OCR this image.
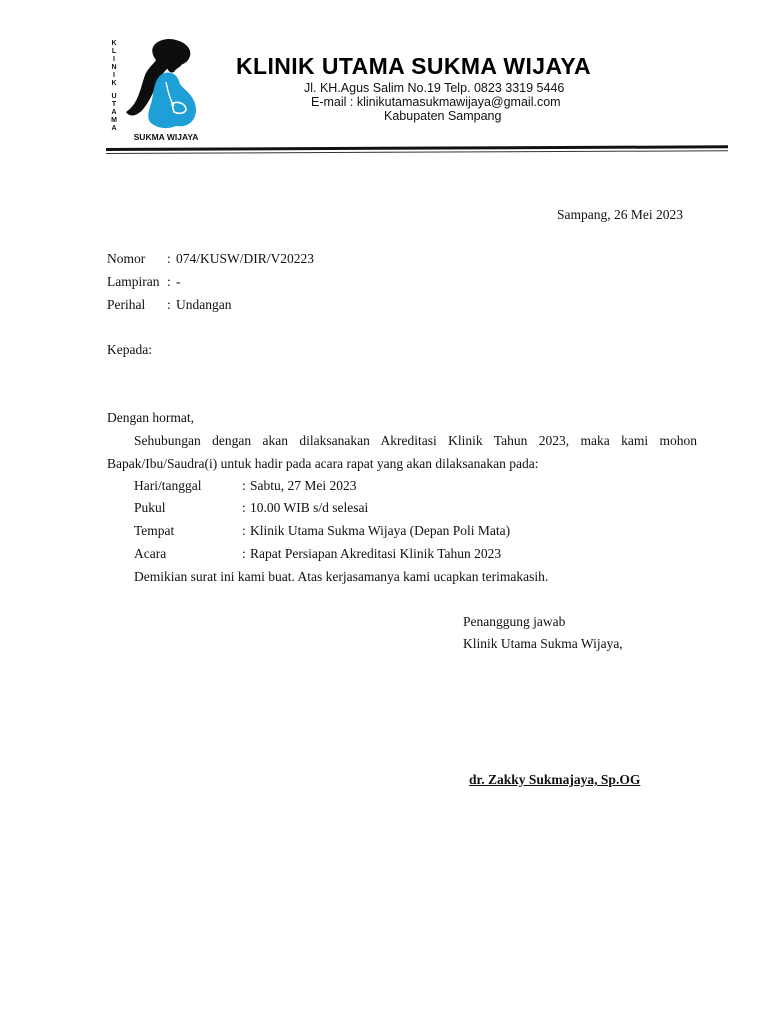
K
L
I
N
I
K
U
T
A
M
A
SUKMA WIJAYA
KLINIK UTAMA SUKMA WIJAYA
Jl. KH.Agus Salim No.19 Telp. 0823 3319 5446
E-mail : klinikutamasukmawijaya@gmail.com
Kabupaten Sampang
Sampang, 26 Mei 2023
Nomor : 074/KUSW/DIR/V20223
Lampiran : -
Perihal : Undangan
Kepada:
Dengan hormat,
Sehubungan dengan akan dilaksanakan Akreditasi Klinik Tahun 2023, maka kami mohon
Bapak/Ibu/Saudra(i) untuk hadir pada acara rapat yang akan dilaksanakan pada:
Hari/tanggal	: Sabtu, 27 Mei 2023
Pukul	: 10.00 WIB s/d selesai
Tempat	: Klinik Utama Sukma Wijaya (Depan Poli Mata)
Acara	: Rapat Persiapan Akreditasi Klinik Tahun 2023
Demikian surat ini kami buat. Atas kerjasamanya kami ucapkan terimakasih.
Penanggung jawab
Klinik Utama Sukma Wijaya,
dr. Zakky Sukmajaya, Sp.OG
